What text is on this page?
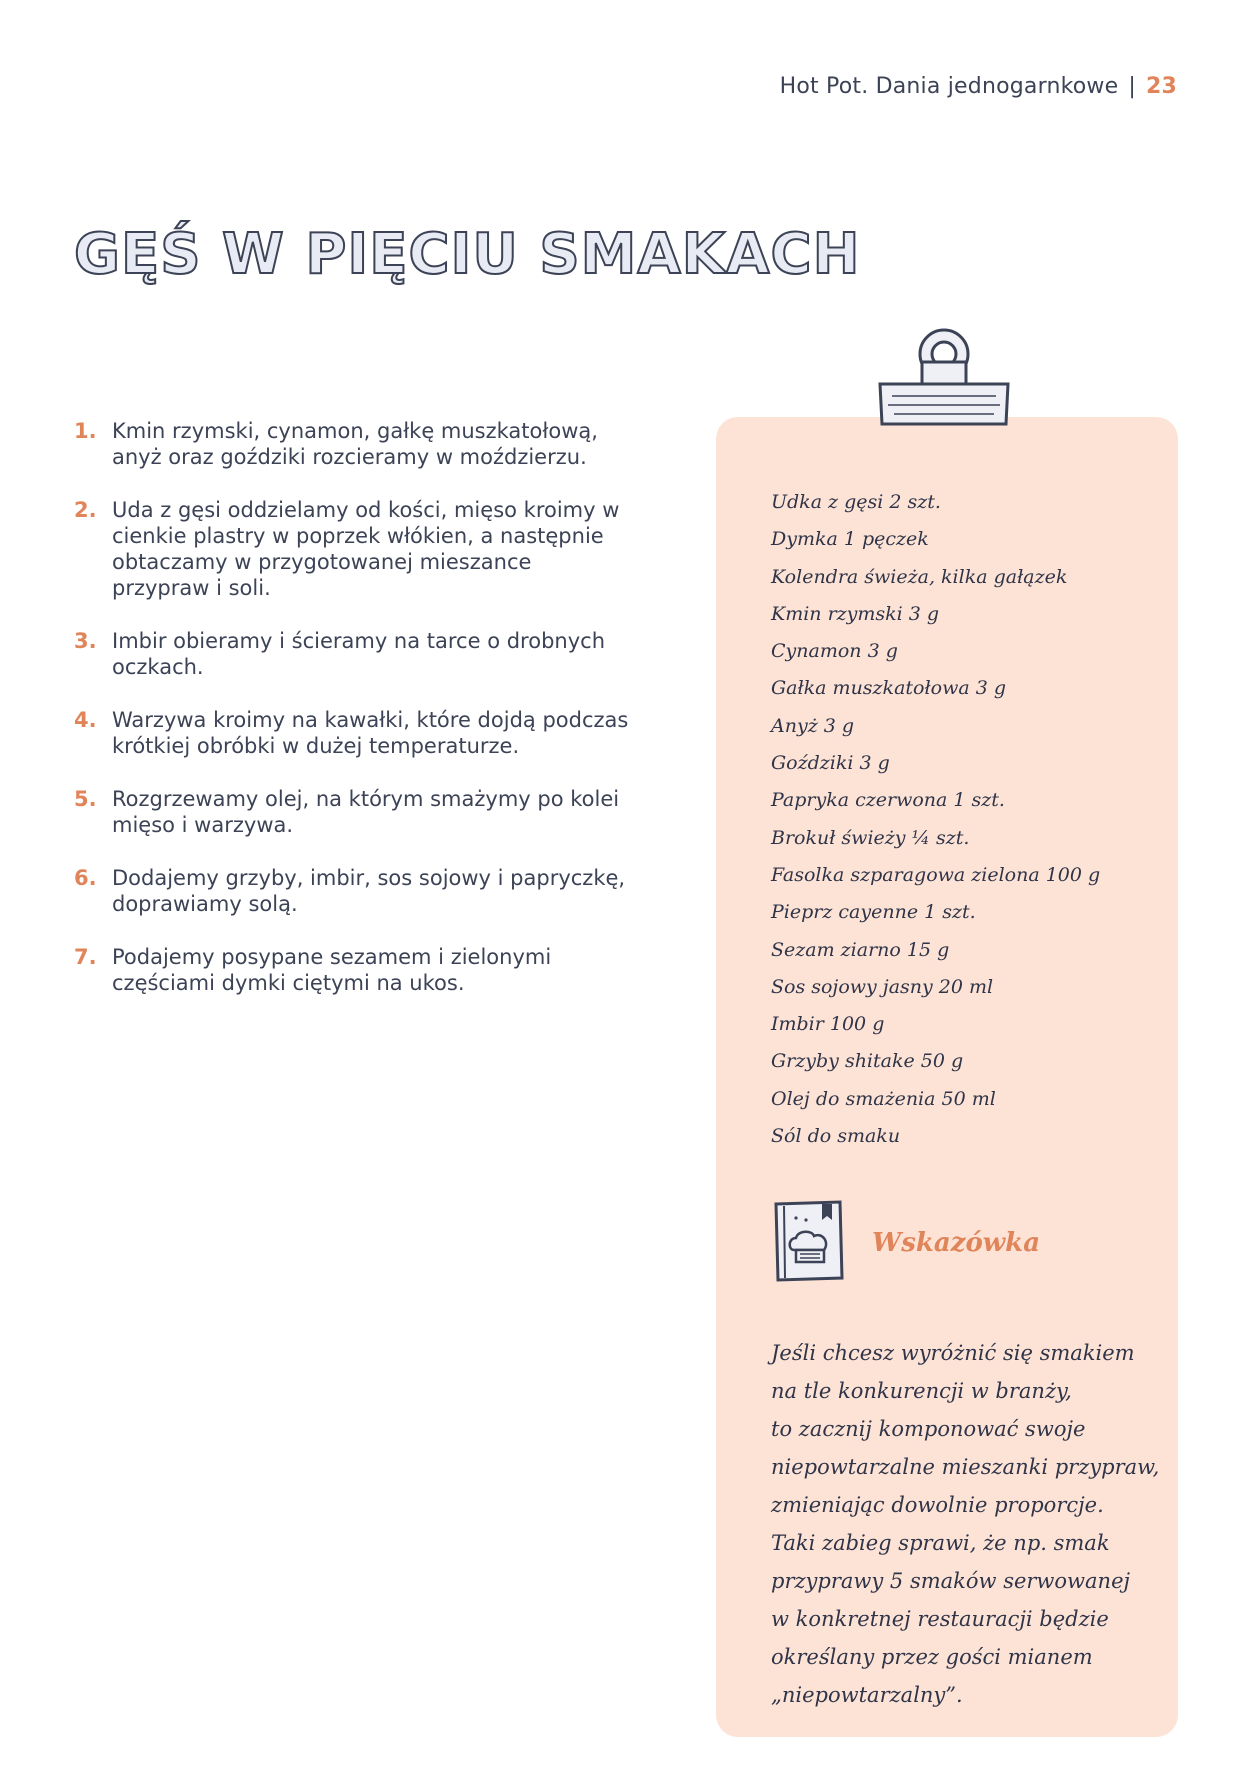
Hot Pot. Dania jednogarnkowe | 23
GĘŚ W PIĘCIU SMAKACH
1. Kmin rzymski, cynamon, gałkę muszkatołową, anyż oraz goździki rozcieramy w moździerzu.
2. Uda z gęsi oddzielamy od kości, mięso kroimy w cienkie plastry w poprzek włókien, a następnie obtaczamy w przygotowanej mieszance przypraw i soli.
3. Imbir obieramy i ścieramy na tarce o drobnych oczkach.
4. Warzywa kroimy na kawałki, które dojdą podczas krótkiej obróbki w dużej temperaturze.
5. Rozgrzewamy olej, na którym smażymy po kolei mięso i warzywa.
6. Dodajemy grzyby, imbir, sos sojowy i papryczkę, doprawiamy solą.
7. Podajemy posypane sezamem i zielonymi częściami dymki ciętymi na ukos.
Udka z gęsi 2 szt.
Dymka 1 pęczek
Kolendra świeża, kilka gałązek
Kmin rzymski 3 g
Cynamon 3 g
Gałka muszkatołowa 3 g
Anyż 3 g
Goździki 3 g
Papryka czerwona 1 szt.
Brokuł świeży ¼ szt.
Fasolka szparagowa zielona 100 g
Pieprz cayenne 1 szt.
Sezam ziarno 15 g
Sos sojowy jasny 20 ml
Imbir 100 g
Grzyby shitake 50 g
Olej do smażenia 50 ml
Sól do smaku
Wskazówka
Jeśli chcesz wyróżnić się smakiem
na tle konkurencji w branży,
to zacznij komponować swoje
niepowtarzalne mieszanki przypraw,
zmieniając dowolnie proporcje.
Taki zabieg sprawi, że np. smak
przyprawy 5 smaków serwowanej
w konkretnej restauracji będzie
określany przez gości mianem
„niepowtarzalny”.
